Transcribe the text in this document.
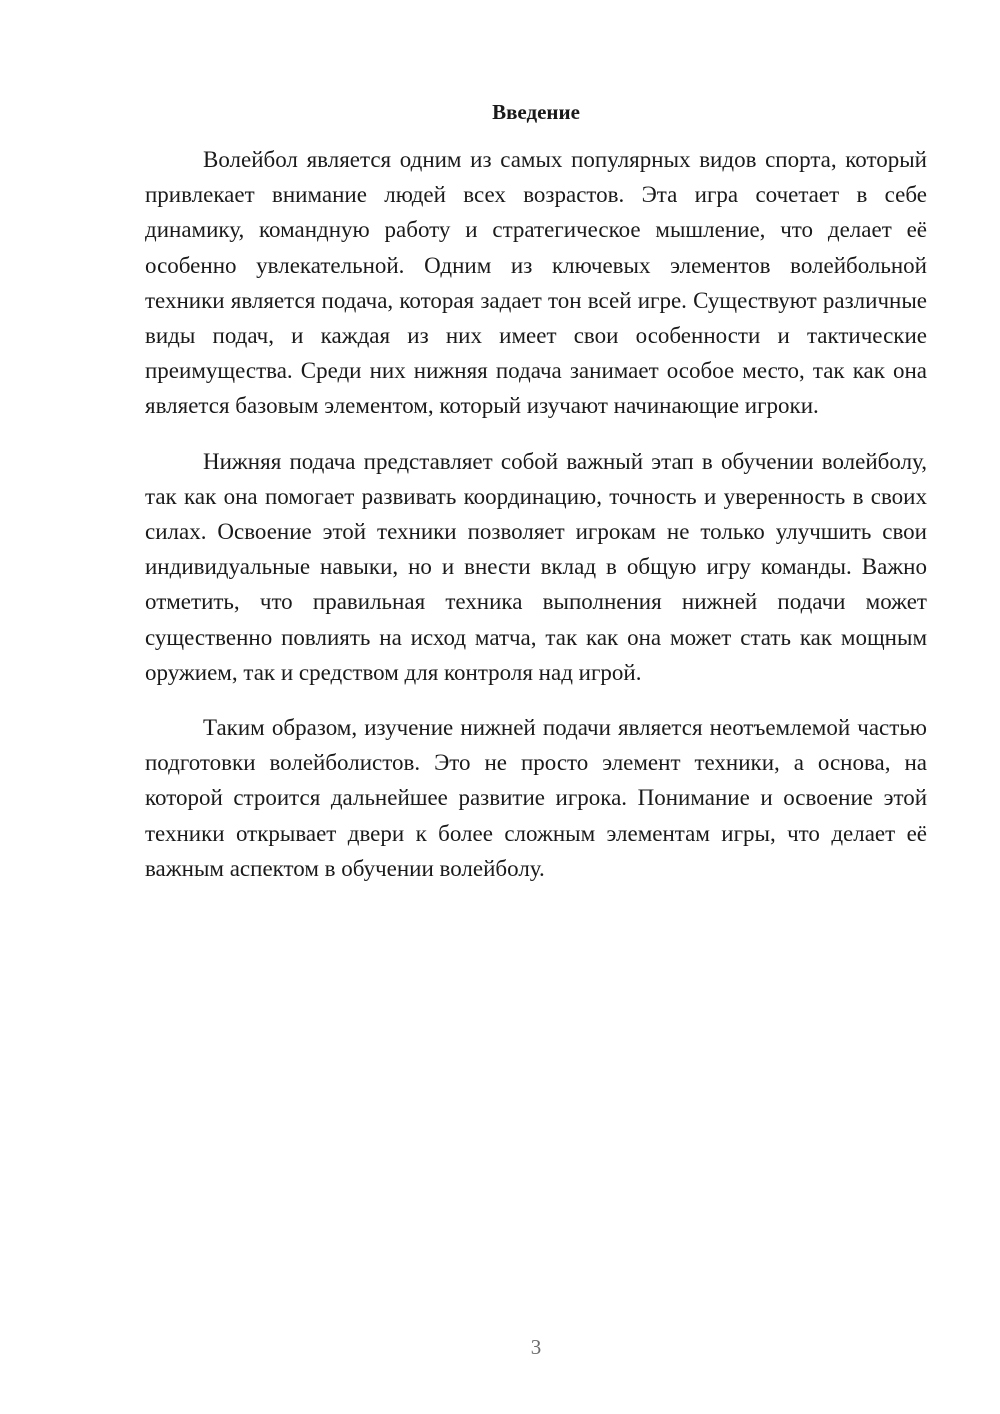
Введение

Волейбол является одним из самых популярных видов спорта, который привлекает внимание людей всех возрастов. Эта игра сочетает в себе динамику, командную работу и стратегическое мышление, что делает её особенно увлекательной. Одним из ключевых элементов волейбольной техники является подача, которая задает тон всей игре. Существуют различные виды подач, и каждая из них имеет свои особенности и тактические преимущества. Среди них нижняя подача занимает особое место, так как она является базовым элементом, который изучают начинающие игроки.

Нижняя подача представляет собой важный этап в обучении волейболу, так как она помогает развивать координацию, точность и уверенность в своих силах. Освоение этой техники позволяет игрокам не только улучшить свои индивидуальные навыки, но и внести вклад в общую игру команды. Важно отметить, что правильная техника выполнения нижней подачи может существенно повлиять на исход матча, так как она может стать как мощным оружием, так и средством для контроля над игрой.

Таким образом, изучение нижней подачи является неотъемлемой частью подготовки волейболистов. Это не просто элемент техники, а основа, на которой строится дальнейшее развитие игрока. Понимание и освоение этой техники открывает двери к более сложным элементам игры, что делает её важным аспектом в обучении волейболу.

3
